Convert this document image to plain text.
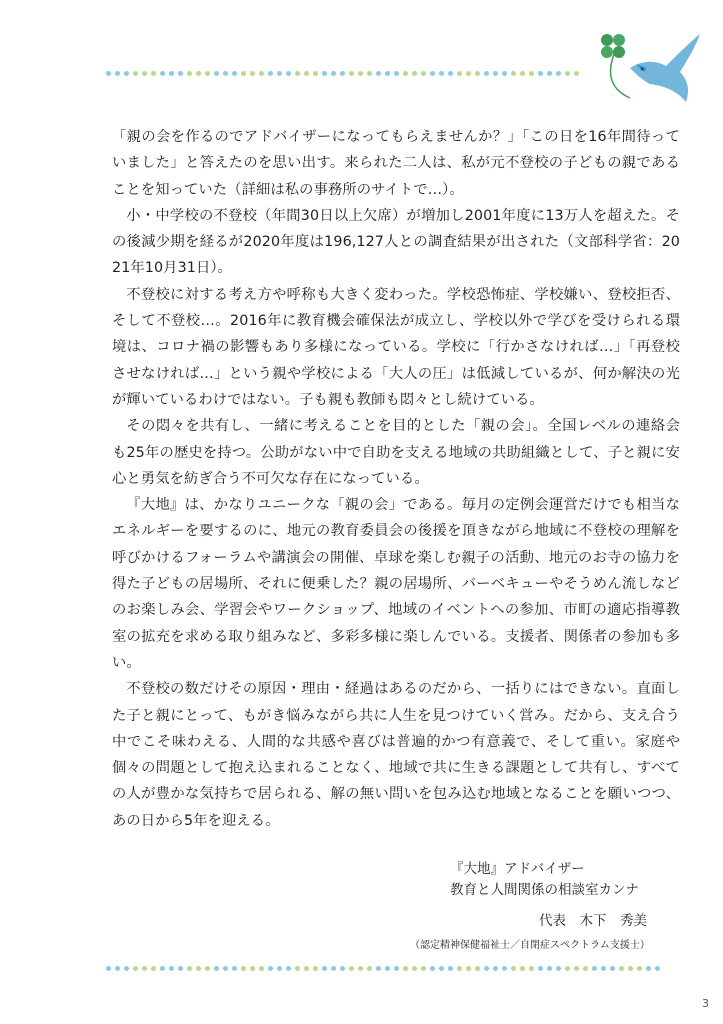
「親の会を作るのでアドバイザーになってもらえませんか？」「この日を16年間待っていました」と答えたのを思い出す。来られた二人は、私が元不登校の子どもの親であることを知っていた（詳細は私の事務所のサイトで…）。

小・中学校の不登校（年間30日以上欠席）が増加し2001年度に13万人を超えた。その後減少期を経るが2020年度は196,127人との調査結果が出された（文部科学省：2021年10月31日）。

不登校に対する考え方や呼称も大きく変わった。学校恐怖症、学校嫌い、登校拒否、そして不登校…。2016年に教育機会確保法が成立し、学校以外で学びを受けられる環境は、コロナ禍の影響もあり多様になっている。学校に「行かさなければ…」「再登校させなければ…」という親や学校による「大人の圧」は低減しているが、何か解決の光が輝いているわけではない。子も親も教師も悶々とし続けている。

その悶々を共有し、一緒に考えることを目的とした「親の会」。全国レベルの連絡会も25年の歴史を持つ。公助がない中で自助を支える地域の共助組織として、子と親に安心と勇気を紡ぎ合う不可欠な存在になっている。

『大地』は、かなりユニークな「親の会」である。毎月の定例会運営だけでも相当なエネルギーを要するのに、地元の教育委員会の後援を頂きながら地域に不登校の理解を呼びかけるフォーラムや講演会の開催、卓球を楽しむ親子の活動、地元のお寺の協力を得た子どもの居場所、それに便乗した？親の居場所、バーベキューやそうめん流しなどのお楽しみ会、学習会やワークショップ、地域のイベントへの参加、市町の適応指導教室の拡充を求める取り組みなど、多彩多様に楽しんでいる。支援者、関係者の参加も多い。

不登校の数だけその原因・理由・経過はあるのだから、一括りにはできない。直面した子と親にとって、もがき悩みながら共に人生を見つけていく営み。だから、支え合う中でこそ味わえる、人間的な共感や喜びは普遍的かつ有意義で、そして重い。家庭や個々の問題として抱え込まれることなく、地域で共に生きる課題として共有し、すべての人が豊かな気持ちで居られる、解の無い問いを包み込む地域となることを願いつつ、あの日から5年を迎える。

『大地』アドバイザー
教育と人間関係の相談室カンナ
代表　木下　秀美
（認定精神保健福祉士／自閉症スペクトラム支援士）
3
